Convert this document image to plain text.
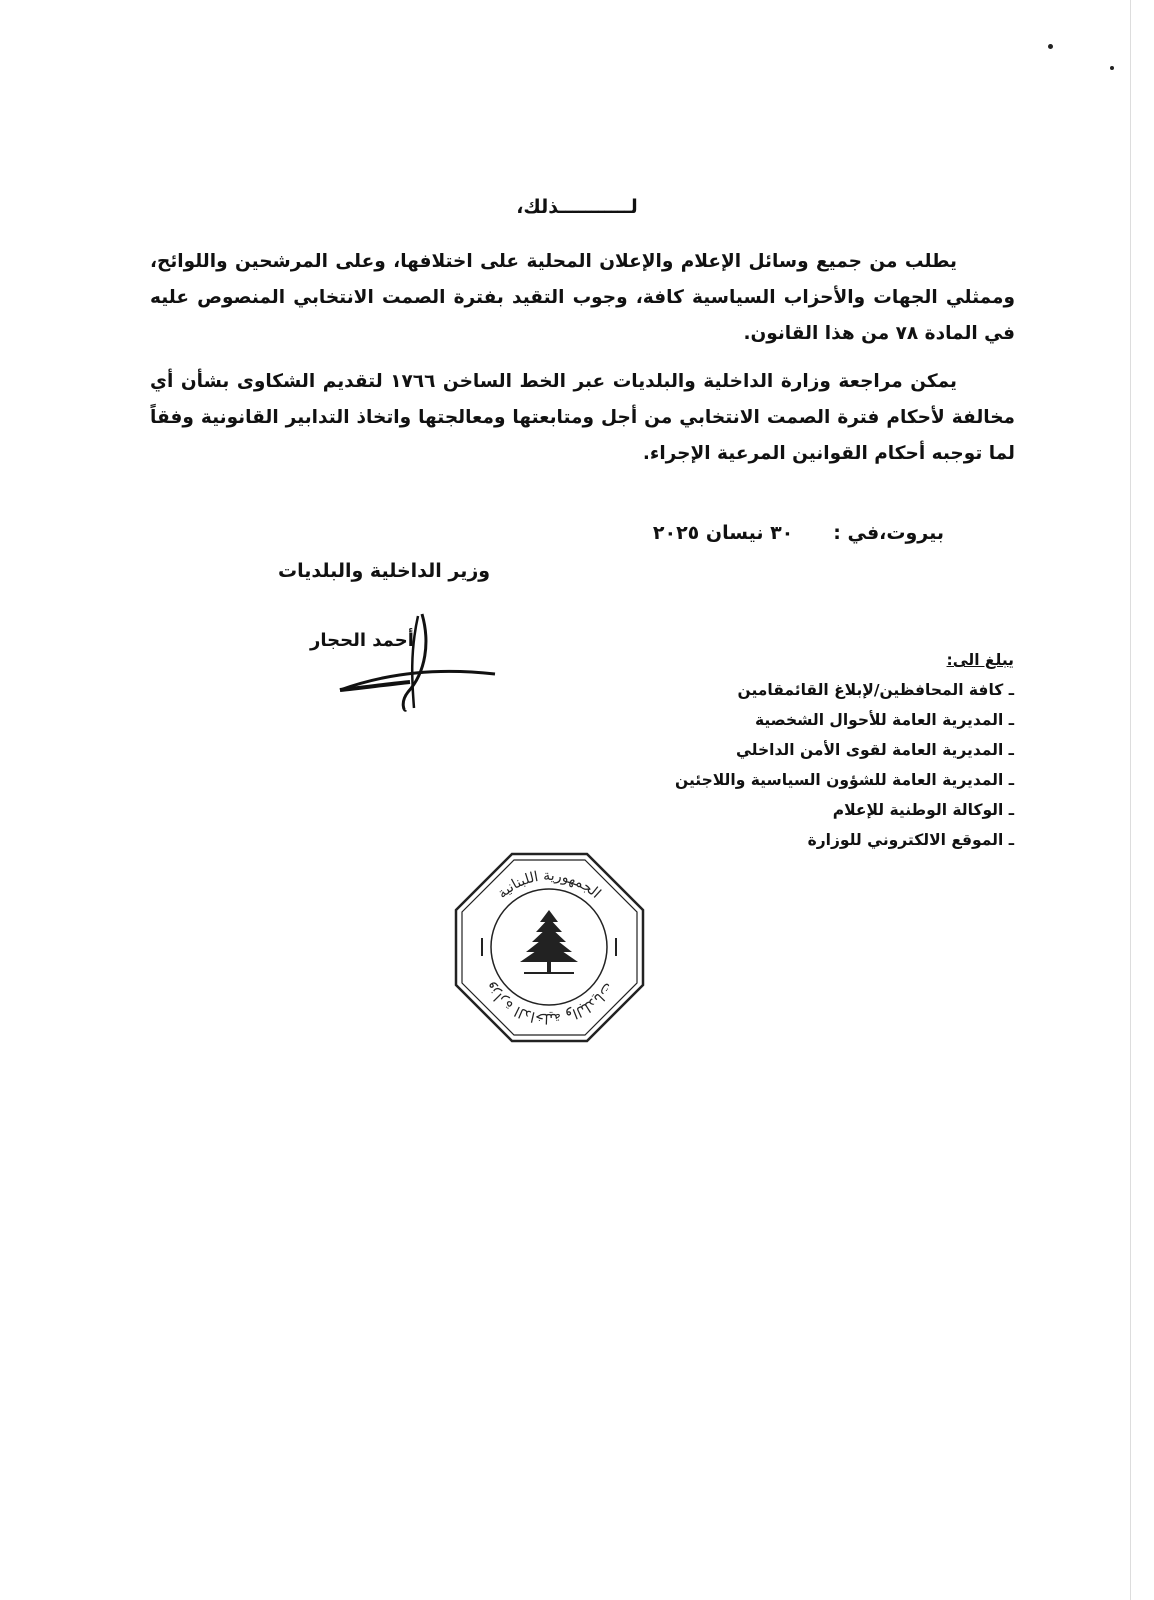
لـــــــــــذلك،
يطلب من جميع وسائل الإعلام والإعلان المحلية على اختلافها، وعلى المرشحين واللوائح، وممثلي الجهات والأحزاب السياسية كافة، وجوب التقيد بفترة الصمت الانتخابي المنصوص عليه في المادة ٧٨ من هذا القانون.
يمكن مراجعة وزارة الداخلية والبلديات عبر الخط الساخن ١٧٦٦ لتقديم الشكاوى بشأن أي مخالفة لأحكام فترة الصمت الانتخابي من أجل ومتابعتها ومعالجتها واتخاذ التدابير القانونية وفقاً لما توجبه أحكام القوانين المرعية الإجراء.
بيروت،في :٣٠ نيسان ٢٠٢٥
وزير الداخلية والبلديات
أحمد الحجار
يبلغ الى:
ـ كافة المحافظين/لإبلاغ القائمقامين
ـ المديرية العامة للأحوال الشخصية
ـ المديرية العامة لقوى الأمن الداخلي
ـ المديرية العامة للشؤون السياسية واللاجئين
ـ الوكالة الوطنية للإعلام
ـ الموقع الالكتروني للوزارة
الجمهورية اللبنانية
وزارة الداخلية والبلديات
